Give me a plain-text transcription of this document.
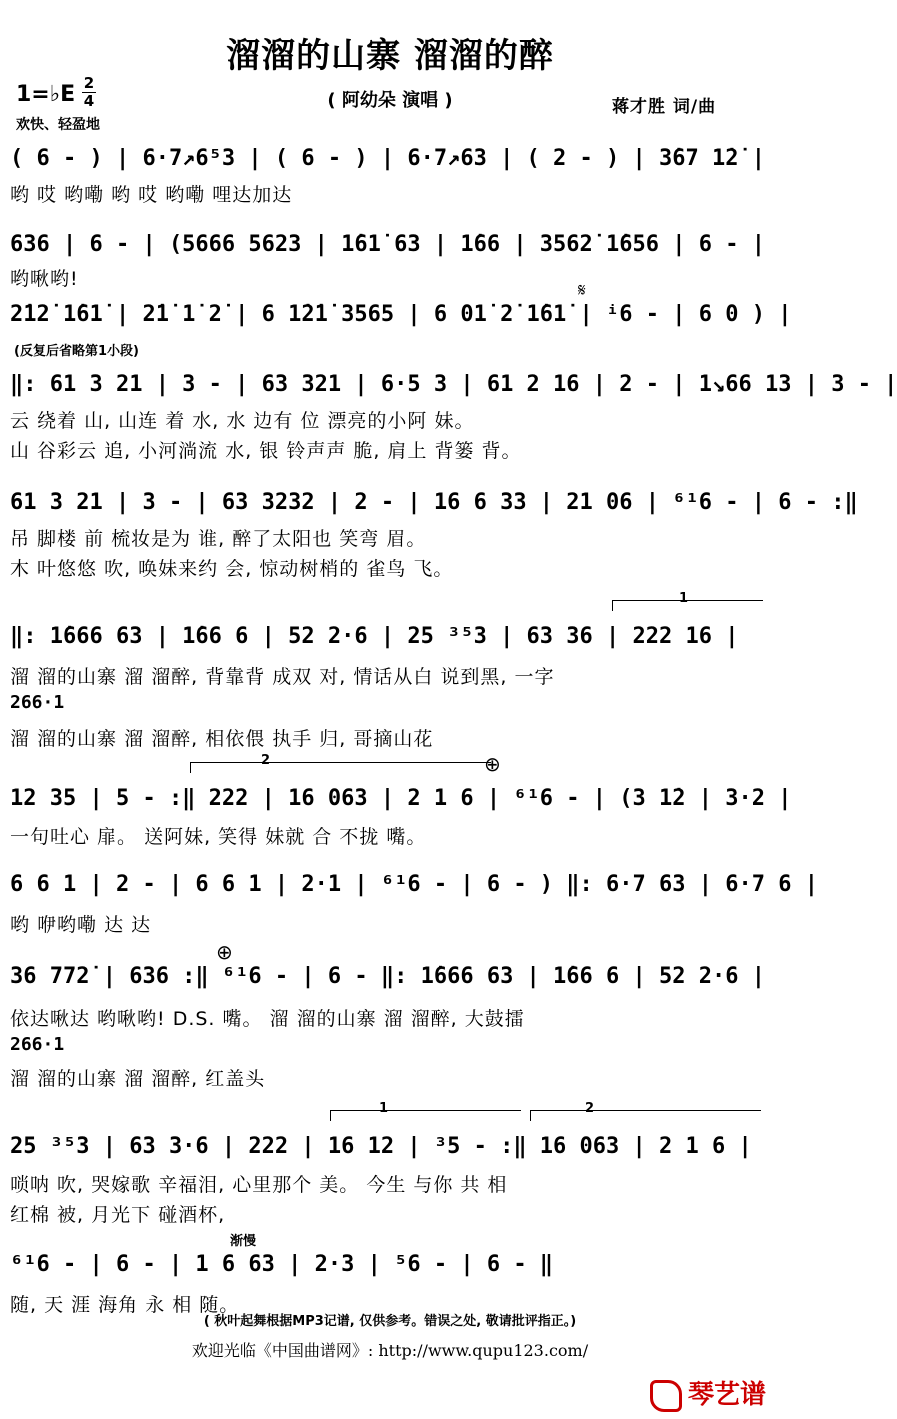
溜溜的山寨 溜溜的醉
( 阿幼朵 演唱 )
1=♭E 2
4
欢快、轻盈地
蒋才胜 词/曲
( 6 - ) | 6·7↗6⁵3 | ( 6 - ) | 6·7↗63 | ( 2 - ) | 3̇67 1̇2̇ |
哟 哎 哟嘞 哟 哎 哟嘞 哩达加达
636 | 6 - | (5666 5623 | 1̇61̇ 63 | 1̇66 | 3562̇ 1̇656 | 6 - |
哟啾哟!
𝄋
2̇12̇ 1̇61̇ | 2̇1̇ 1̇ 2̇ | 6 1̇2̇1̇ 3565 | 6 01̇ 2̇ 1̇61̇ | ⁱ6 - | 6 0 ) |
(反复后省略第1小段)
‖: 61 3 21 | 3 - | 63 321 | 6·5 3 | 61 2 16 | 2 - | 1↘66 13 | 3 - |
云 绕着 山, 山连 着 水, 水 边有 位 漂亮的小阿 妹。
山 谷彩云 追, 小河淌流 水, 银 铃声声 脆, 肩上 背篓 背。
61 3 21 | 3 - | 63 3232 | 2 - | 16 6 33 | 21 06 | ⁶¹6 - | 6 - :‖
吊 脚楼 前 梳妆是为 谁, 醉了太阳也 笑弯 眉。
木 叶悠悠 吹, 唤妹来约 会, 惊动树梢的 雀鸟 飞。
1
‖: 1̇666 63 | 1̇66 6 | 52 2·6 | 25 ³⁵3 | 63 36 | 222 16 |
溜 溜的山寨 溜 溜醉, 背靠背 成双 对, 情话从白 说到黑, 一字
266·1
溜 溜的山寨 溜 溜醉, 相依偎 执手 归, 哥摘山花
2	⊕
12 35 | 5 - :‖ 222 | 16 063 | 2 1 6 | ⁶¹6 - | (3 1̇2 | 3·2 |
一句吐心 扉。 送阿妹, 笑得 妹就 合 不拢 嘴。
6 6 1 | 2 - | 6 6 1 | 2·1 | ⁶¹6 - | 6 - ) ‖: 6·7 63 | 6·7 6 |
哟 咿哟嘞 达 达
⊕
36 772̇ | 636 :‖ ⁶¹6 - | 6 - ‖: 1̇666 63 | 1̇66 6 | 52 2·6 |
依达啾达 哟啾哟! D.S. 嘴。 溜 溜的山寨 溜 溜醉, 大鼓擂
266·1
溜 溜的山寨 溜 溜醉, 红盖头
1	2
25 ³⁵3 | 63 3·6 | 222 | 16 12 | ³5 - :‖ 16 063 | 2 1 6 |
唢呐 吹, 哭嫁歌 辛福泪, 心里那个 美。 今生 与你 共 相
红棉 被, 月光下 碰酒杯,
渐慢
⁶¹6 - | 6 - | 1 6 63 | 2·3 | ⁵6 - | 6 - ‖
随, 天 涯 海角 永 相 随。
( 秋叶起舞根据MP3记谱, 仅供参考。错误之处, 敬请批评指正。)
欢迎光临《中国曲谱网》: http://www.qupu123.com/
琴艺谱
